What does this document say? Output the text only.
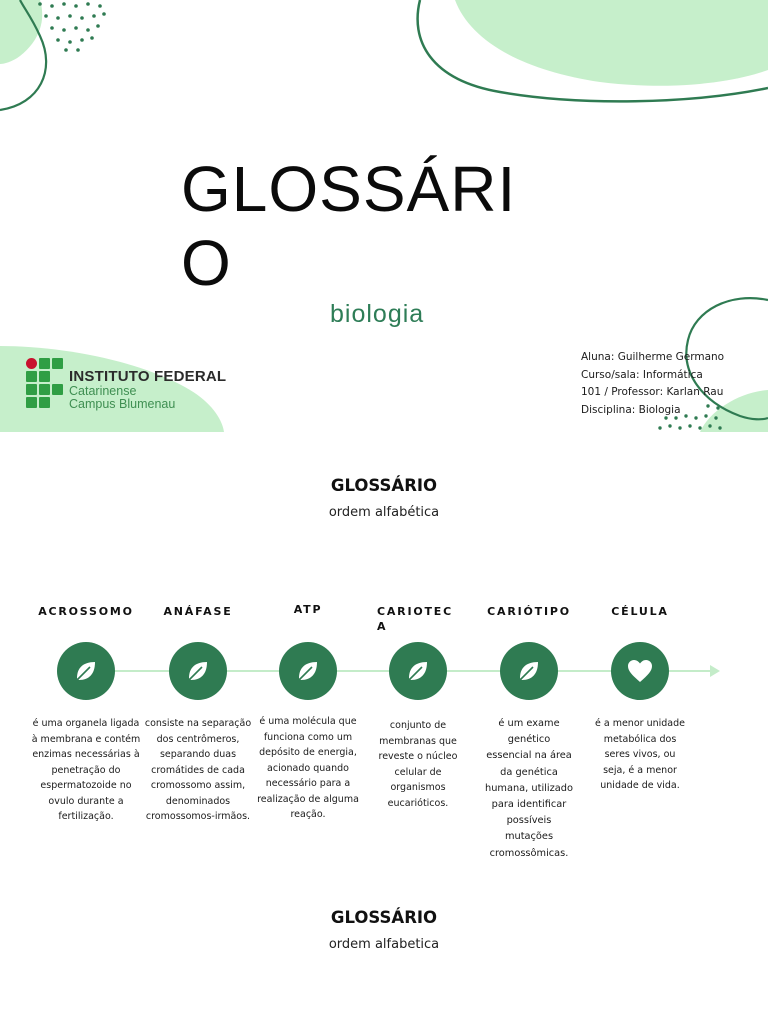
GLOSSÁRIO
biologia
INSTITUTO FEDERAL
Catarinense
Campus Blumenau
Aluna: Guilherme Germano
Curso/sala: Informática
101 / Professor: Karlan Rau
Disciplina: Biologia
GLOSSÁRIO
ordem alfabética
ACROSSOMO
é uma organela ligada à membrana e contém enzimas necessárias à penetração do espermatozoide no ovulo durante a fertilização.
ANÁFASE
consiste na separação dos centrômeros, separando duas cromátides de cada cromossomo assim, denominados cromossomos-irmãos.
ATP
é uma molécula que funciona como um depósito de energia, acionado quando necessário para a realização de alguma reação.
CARIOTECA
conjunto de membranas que reveste o núcleo celular de organismos eucarióticos.
CARIÓTIPO
é um exame genético essencial na área da genética humana, utilizado para identificar possíveis mutações cromossômicas.
CÉLULA
é a menor unidade metabólica dos seres vivos, ou seja, é a menor unidade de vida.
GLOSSÁRIO
ordem alfabetica
